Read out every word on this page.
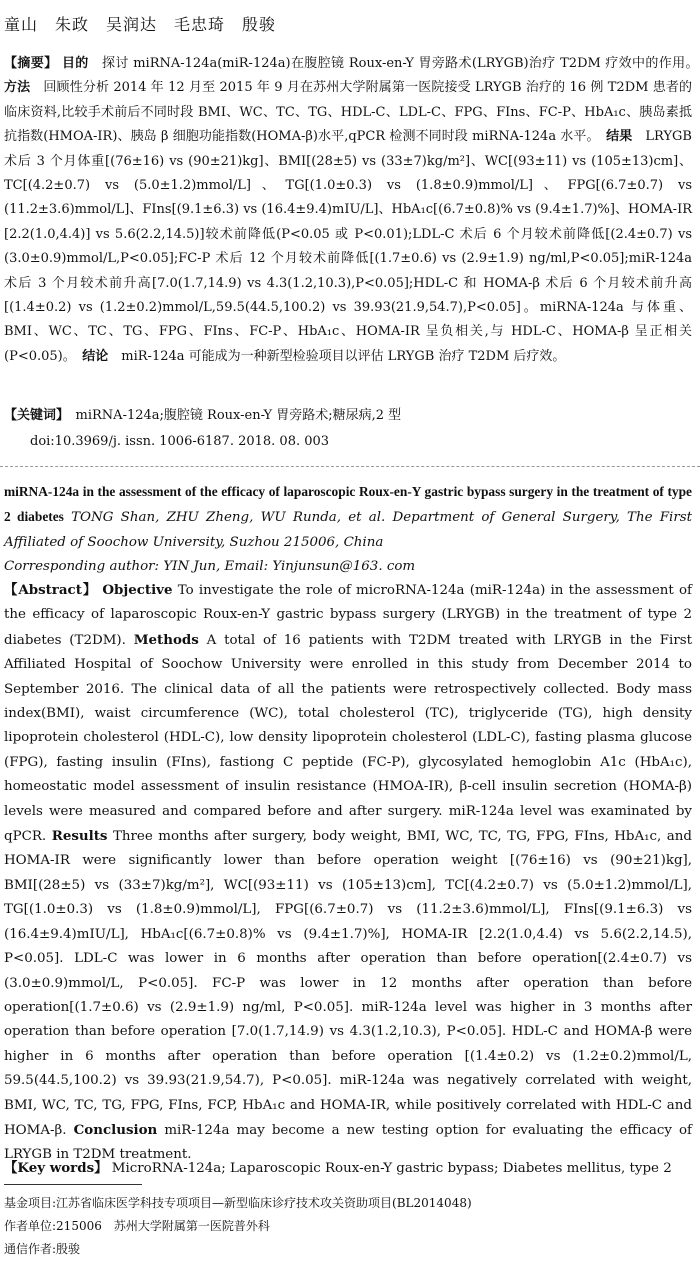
童山　朱政　吴润达　毛忠琦　殷骏
【摘要】 目的　 探讨 miRNA-124a(miR-124a)在腹腔镜 Roux-en-Y 胃旁路术(LRYGB)治疗 T2DM 疗效中的作用。　方法　 回顾性分析 2014 年 12 月至 2015 年 9 月在苏州大学附属第一医院接受 LRYGB 治疗的 16 例 T2DM 患者的临床资料,比较手术前后不同时段 BMI、WC、TC、TG、HDL-C、LDL-C、FPG、FIns、FC-P、HbA₁c、胰岛素抵抗指数(HMOA-IR)、胰岛 β 细胞功能指数(HOMA-β)水平,qPCR 检测不同时段 miRNA-124a 水平。　 结果　 LRYGB 术后 3 个月体重[(76±16) vs (90±21)kg]、BMI[(28±5) vs (33±7)kg/m²]、WC[(93±11) vs (105±13)cm]、TC[(4.2±0.7) vs (5.0±1.2)mmol/L]、TG[(1.0±0.3) vs (1.8±0.9)mmol/L]、FPG[(6.7±0.7) vs (11.2±3.6)mmol/L]、FIns[(9.1±6.3) vs (16.4±9.4)mIU/L]、HbA₁c[(6.7±0.8)% vs (9.4±1.7)%]、HOMA-IR [2.2(1.0,4.4)] vs 5.6(2.2,14.5)]较术前降低(P<0.05 或 P<0.01);LDL-C 术后 6 个月较术前降低[(2.4±0.7) vs (3.0±0.9)mmol/L,P<0.05];FC-P 术后 12 个月较术前降低[(1.7±0.6) vs (2.9±1.9) ng/ml,P<0.05];miR-124a 术后 3 个月较术前升高[7.0(1.7,14.9) vs 4.3(1.2,10.3),P<0.05];HDL-C 和 HOMA-β 术后 6 个月较术前升高[(1.4±0.2) vs (1.2±0.2)mmol/L,59.5(44.5,100.2) vs 39.93(21.9,54.7),P<0.05]。miRNA-124a 与体重、BMI、WC、TC、TG、FPG、FIns、FC-P、HbA₁c、HOMA-IR 呈负相关,与 HDL-C、HOMA-β 呈正相关(P<0.05)。　 结论　 miR-124a 可能成为一种新型检验项目以评估 LRYGB 治疗 T2DM 后疗效。
【关键词】　 miRNA-124a;腹腔镜 Roux-en-Y 胃旁路术;糖尿病,2 型
doi:10.3969/j. issn. 1006-6187. 2018. 08. 003
miRNA-124a in the assessment of the efficacy of laparoscopic Roux-en-Y gastric bypass surgery in the treatment of type 2 diabetes TONG Shan, ZHU Zheng, WU Runda, et al. Department of General Surgery, The First Affiliated of Soochow University, Suzhou 215006, China
Corresponding author: YIN Jun, Email: Yinjunsun@163. com
【Abstract】 Objective To investigate the role of microRNA-124a (miR-124a) in the assessment of the efficacy of laparoscopic Roux-en-Y gastric bypass surgery (LRYGB) in the treatment of type 2 diabetes (T2DM). Methods A total of 16 patients with T2DM treated with LRYGB in the First Affiliated Hospital of Soochow University were enrolled in this study from December 2014 to September 2016. The clinical data of all the patients were retrospectively collected. Body mass index(BMI), waist circumference (WC), total cholesterol (TC), triglyceride (TG), high density lipoprotein cholesterol (HDL-C), low density lipoprotein cholesterol (LDL-C), fasting plasma glucose (FPG), fasting insulin (FIns), fastiong C peptide (FC-P), glycosylated hemoglobin A1c (HbA₁c), homeostatic model assessment of insulin resistance (HMOA-IR), β-cell insulin secretion (HOMA-β) levels were measured and compared before and after surgery. miR-124a level was examinated by qPCR. Results Three months after surgery, body weight, BMI, WC, TC, TG, FPG, FIns, HbA₁c, and HOMA-IR were significantly lower than before operation weight [(76±16) vs (90±21)kg], BMI[(28±5) vs (33±7)kg/m²], WC[(93±11) vs (105±13)cm], TC[(4.2±0.7) vs (5.0±1.2)mmol/L], TG[(1.0±0.3) vs (1.8±0.9)mmol/L], FPG[(6.7±0.7) vs (11.2±3.6)mmol/L], FIns[(9.1±6.3) vs (16.4±9.4)mIU/L], HbA₁c[(6.7±0.8)% vs (9.4±1.7)%], HOMA-IR [2.2(1.0,4.4) vs 5.6(2.2,14.5), P<0.05]. LDL-C was lower in 6 months after operation than before operation[(2.4±0.7) vs (3.0±0.9)mmol/L, P<0.05]. FC-P was lower in 12 months after operation than before operation[(1.7±0.6) vs (2.9±1.9) ng/ml, P<0.05]. miR-124a level was higher in 3 months after operation than before operation [7.0(1.7,14.9) vs 4.3(1.2,10.3), P<0.05]. HDL-C and HOMA-β were higher in 6 months after operation than before operation [(1.4±0.2) vs (1.2±0.2)mmol/L, 59.5(44.5,100.2) vs 39.93(21.9,54.7), P<0.05]. miR-124a was negatively correlated with weight, BMI, WC, TC, TG, FPG, FIns, FCP, HbA₁c and HOMA-IR, while positively correlated with HDL-C and HOMA-β. Conclusion miR-124a may become a new testing option for evaluating the efficacy of LRYGB in T2DM treatment.
【Key words】 MicroRNA-124a; Laparoscopic Roux-en-Y gastric bypass; Diabetes mellitus, type 2
基金项目:江苏省临床医学科技专项项目—新型临床诊疗技术攻关资助项目(BL2014048)
作者单位:215006　苏州大学附属第一医院普外科
通信作者:殷骏
